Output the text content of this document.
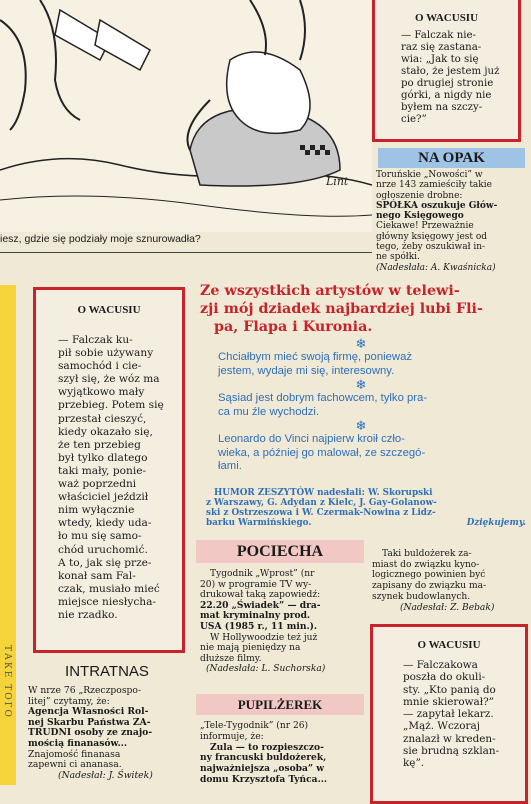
Lint
iesz, gdzie się podziały moje sznurowadła?
O WACUSIU
— Falczak nie-
raz się zastana-
wia: „Jak to się
stało, że jestem już
po drugiej stronie
górki, a nigdy nie
byłem na szczy-
cie?”
NA OPAK
Toruńskie „Nowości” w
nrze 143 zamieściły takie
ogłoszenie drobne:
SPÓŁKA oszukuje Głów-
nego Księgowego
Ciekawe! Przeważnie
główny księgowy jest od
tego, żeby oszukiwał in-
ne spółki.
(Nadesłała: A. Kwaśnicka)
ТАКЕ ТОГО
O WACUSIU
— Falczak ku-
pił sobie używany
samochód i cie-
szył się, że wóz ma
wyjątkowo mały
przebieg. Potem się
przestał cieszyć,
kiedy okazało się,
że ten przebieg
był tylko dlatego
taki mały, ponie-
waż poprzedni
właściciel jeździł
nim wyłącznie
wtedy, kiedy uda-
ło mu się samo-
chód uruchomić.
A to, jak się prze-
konał sam Fal-
czak, musiało mieć
miejsce niesłycha-
nie rzadko.
INTRATNAS
W nrze 76 „Rzeczpospo-
litej” czytamy, że:
Agencja Własności Rol-
nej Skarbu Państwa ZA-
TRUDNI osoby ze znajo-
mością finanasów...
Znajomość finanasa
zapewni ci ananasa.
(Nadesłał: J. Świtek)
Ze wszystkich artystów w telewi-
zji mój dziadek najbardziej lubi Fli-
pa, Flapa i Kuronia.
❄
Chciałbym mieć swoją firmę, ponieważ
jestem, wydaje mi się, interesowny.
❄
Sąsiad jest dobrym fachowcem, tylko pra-
ca mu źle wychodzi.
❄
Leonardo do Vinci najpierw kroił czło-
wieka, a później go malował, ze szczegó-
łami.
HUMOR ZESZYTÓW nadesłali: W. Skorupski
z Warszawy, G. Adydan z Kielc, J. Gay-Golanow-
ski z Ostrzeszowa i W. Czermak-Nowina z Lidz-
barku Warmińskiego.	Dziękujemy.
POCIECHA
Tygodnik „Wprost” (nr
20) w programie TV wy-
drukował taką zapowiedź:
22.20 „Świadek” — dra-
mat kryminalny prod.
USA (1985 r., 11 min.).
W Hollywoodzie też już
nie mają pieniędzy na
dłuższe filmy.
(Nadesłała: L. Suchorska)
Taki buldożerek za-
miast do związku kyno-
logicznego powinien być
zapisany do związku ma-
szynek budowlanych.
(Nadesłał: Z. Bebak)
PUPILŻEREK
„Tele-Tygodnik” (nr 26)
informuje, że:
Zula — to rozpieszczo-
ny francuski buldożerek,
najważniejsza „osoba” w
domu Krzysztofa Tyńca...
O WACUSIU
— Falczakowa
poszła do okuli-
sty. „Kto panią do
mnie skierował?”
— zapytał lekarz.
„Mąż. Wczoraj
znalazł w kreden-
sie brudną szklan-
kę”.
